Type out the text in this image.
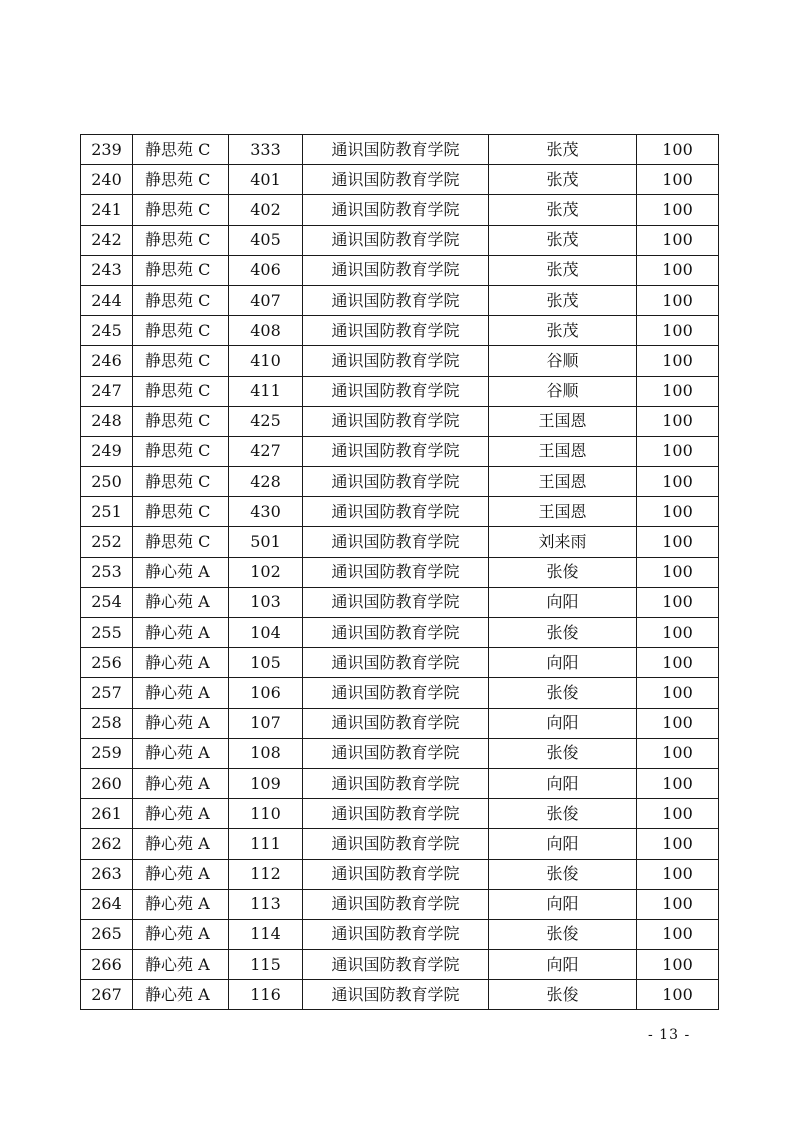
239	静思苑 C	333	通识国防教育学院	张茂	100
240	静思苑 C	401	通识国防教育学院	张茂	100
241	静思苑 C	402	通识国防教育学院	张茂	100
242	静思苑 C	405	通识国防教育学院	张茂	100
243	静思苑 C	406	通识国防教育学院	张茂	100
244	静思苑 C	407	通识国防教育学院	张茂	100
245	静思苑 C	408	通识国防教育学院	张茂	100
246	静思苑 C	410	通识国防教育学院	谷顺	100
247	静思苑 C	411	通识国防教育学院	谷顺	100
248	静思苑 C	425	通识国防教育学院	王国恩	100
249	静思苑 C	427	通识国防教育学院	王国恩	100
250	静思苑 C	428	通识国防教育学院	王国恩	100
251	静思苑 C	430	通识国防教育学院	王国恩	100
252	静思苑 C	501	通识国防教育学院	刘来雨	100
253	静心苑 A	102	通识国防教育学院	张俊	100
254	静心苑 A	103	通识国防教育学院	向阳	100
255	静心苑 A	104	通识国防教育学院	张俊	100
256	静心苑 A	105	通识国防教育学院	向阳	100
257	静心苑 A	106	通识国防教育学院	张俊	100
258	静心苑 A	107	通识国防教育学院	向阳	100
259	静心苑 A	108	通识国防教育学院	张俊	100
260	静心苑 A	109	通识国防教育学院	向阳	100
261	静心苑 A	110	通识国防教育学院	张俊	100
262	静心苑 A	111	通识国防教育学院	向阳	100
263	静心苑 A	112	通识国防教育学院	张俊	100
264	静心苑 A	113	通识国防教育学院	向阳	100
265	静心苑 A	114	通识国防教育学院	张俊	100
266	静心苑 A	115	通识国防教育学院	向阳	100
267	静心苑 A	116	通识国防教育学院	张俊	100
- 13 -
